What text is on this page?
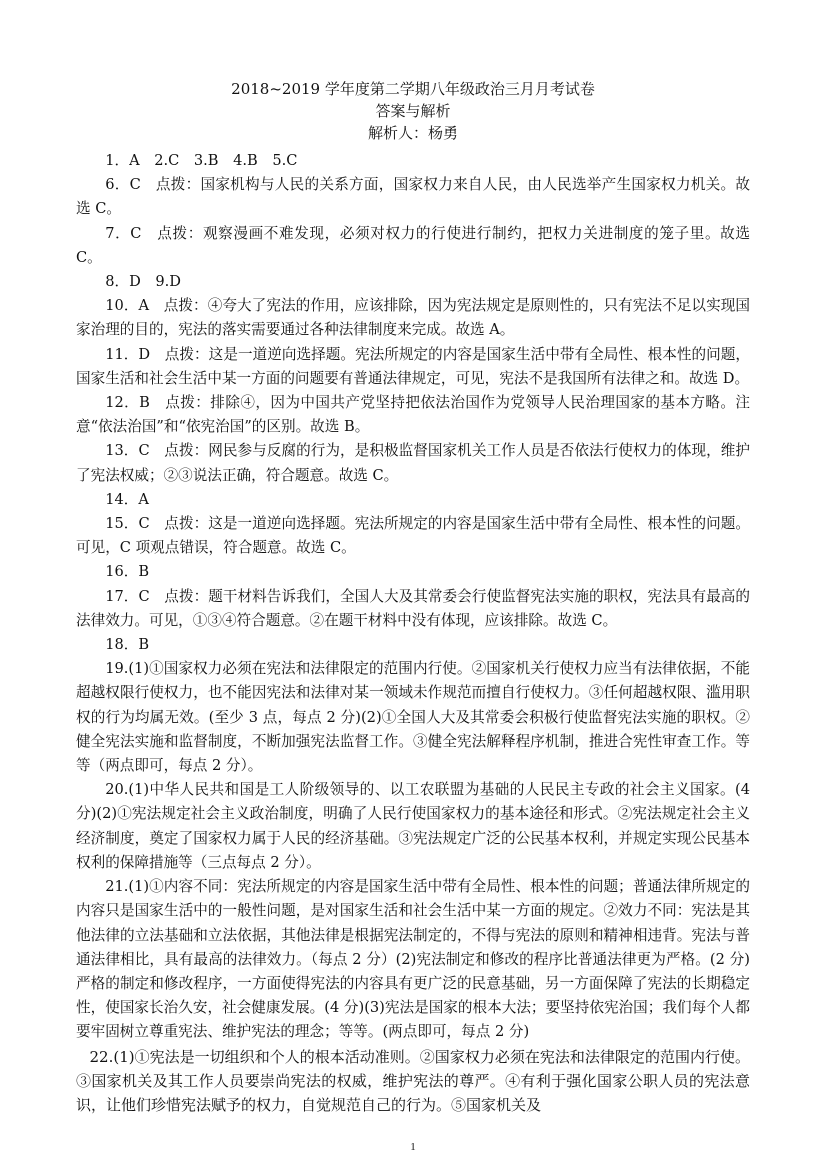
2018~2019 学年度第二学期八年级政治三月月考试卷
答案与解析
解析人：杨勇

1．A　2.C　3.B　4.B　5.C

6．C　点拨：国家机构与人民的关系方面，国家权力来自人民，由人民选举产生国家权力机关。故选 C。

7．C　点拨：观察漫画不难发现，必须对权力的行使进行制约，把权力关进制度的笼子里。故选 C。

8．D　9.D

10．A　点拨：④夸大了宪法的作用，应该排除，因为宪法规定是原则性的，只有宪法不足以实现国家治理的目的，宪法的落实需要通过各种法律制度来完成。故选 A。

11．D　点拨：这是一道逆向选择题。宪法所规定的内容是国家生活中带有全局性、根本性的问题，国家生活和社会生活中某一方面的问题要有普通法律规定，可见，宪法不是我国所有法律之和。故选 D。

12．B　点拨：排除④，因为中国共产党坚持把依法治国作为党领导人民治理国家的基本方略。注意“依法治国”和“依宪治国”的区别。故选 B。

13．C　点拨：网民参与反腐的行为，是积极监督国家机关工作人员是否依法行使权力的体现，维护了宪法权威；②③说法正确，符合题意。故选 C。

14．A

15．C　点拨：这是一道逆向选择题。宪法所规定的内容是国家生活中带有全局性、根本性的问题。可见，C 项观点错误，符合题意。故选 C。

16．B

17．C　点拨：题干材料告诉我们，全国人大及其常委会行使监督宪法实施的职权，宪法具有最高的法律效力。可见，①③④符合题意。②在题干材料中没有体现，应该排除。故选 C。

18．B

19.(1)①国家权力必须在宪法和法律限定的范围内行使。②国家机关行使权力应当有法律依据，不能超越权限行使权力，也不能因宪法和法律对某一领域未作规范而擅自行使权力。③任何超越权限、滥用职权的行为均属无效。(至少 3 点，每点 2 分)(2)①全国人大及其常委会积极行使监督宪法实施的职权。②健全宪法实施和监督制度，不断加强宪法监督工作。③健全宪法解释程序机制，推进合宪性审查工作。等等（两点即可，每点 2 分）。

20.(1)中华人民共和国是工人阶级领导的、以工农联盟为基础的人民民主专政的社会主义国家。(4 分)(2)①宪法规定社会主义政治制度，明确了人民行使国家权力的基本途径和形式。②宪法规定社会主义经济制度，奠定了国家权力属于人民的经济基础。③宪法规定广泛的公民基本权利，并规定实现公民基本权利的保障措施等（三点每点 2 分）。

21.(1)①内容不同：宪法所规定的内容是国家生活中带有全局性、根本性的问题；普通法律所规定的内容只是国家生活中的一般性问题，是对国家生活和社会生活中某一方面的规定。②效力不同：宪法是其他法律的立法基础和立法依据，其他法律是根据宪法制定的，不得与宪法的原则和精神相违背。宪法与普通法律相比，具有最高的法律效力。（每点 2 分）(2)宪法制定和修改的程序比普通法律更为严格。(2 分)严格的制定和修改程序，一方面使得宪法的内容具有更广泛的民意基础，另一方面保障了宪法的长期稳定性，使国家长治久安，社会健康发展。(4 分)(3)宪法是国家的根本大法；要坚持依宪治国；我们每个人都要牢固树立尊重宪法、维护宪法的理念；等等。(两点即可，每点 2 分)

22.(1)①宪法是一切组织和个人的根本活动准则。②国家权力必须在宪法和法律限定的范围内行使。③国家机关及其工作人员要崇尚宪法的权威，维护宪法的尊严。④有利于强化国家公职人员的宪法意识，让他们珍惜宪法赋予的权力，自觉规范自己的行为。⑤国家机关及

1
